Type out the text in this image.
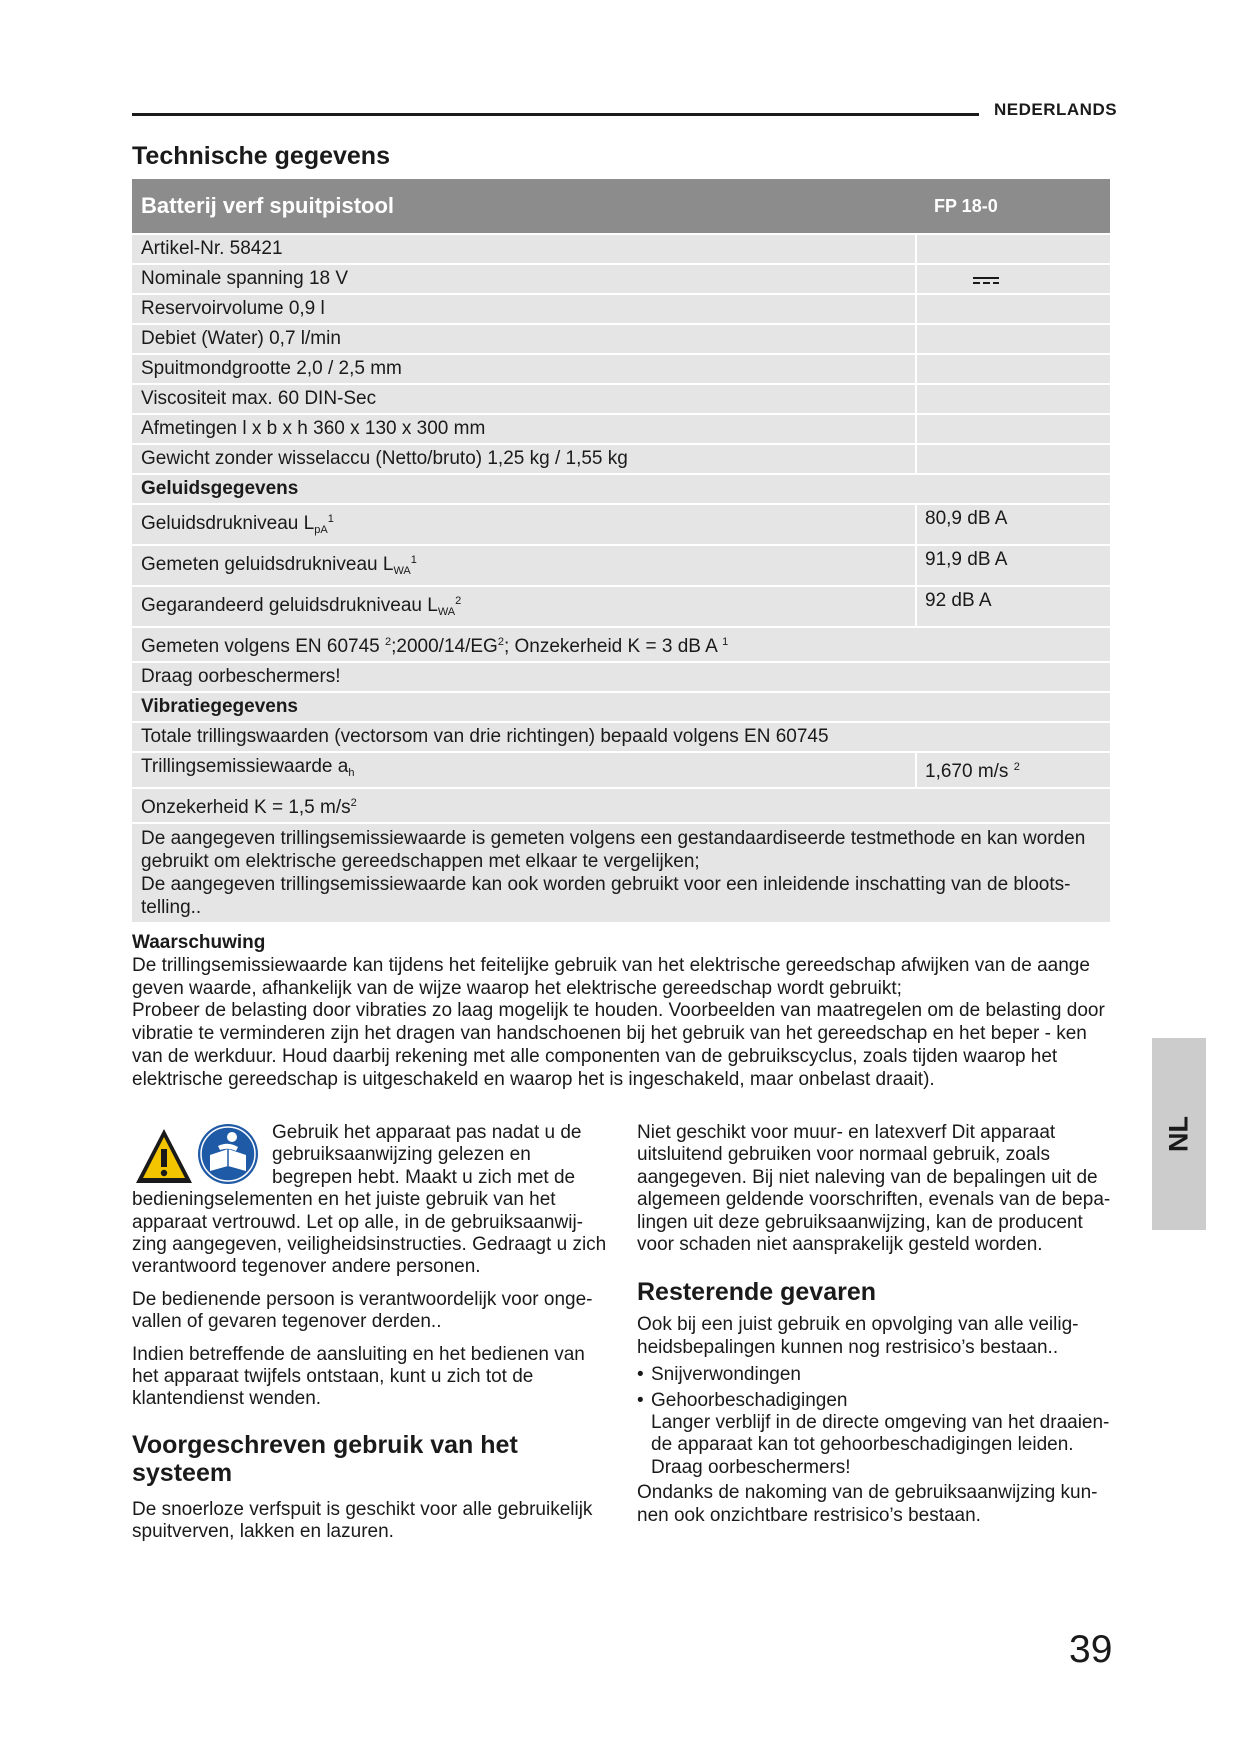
NEDERLANDS
Technische gegevens
Batterij verf spuitpistool	FP 18-0
Artikel-Nr. 58421
Nominale spanning 18 V
Reservoirvolume 0,9 l
Debiet (Water) 0,7 l/min
Spuitmondgrootte 2,0 / 2,5 mm
Viscositeit max. 60 DIN-Sec
Afmetingen l x b x h 360 x 130 x 300 mm
Gewicht zonder wisselaccu (Netto/bruto) 1,25 kg / 1,55 kg
Geluidsgegevens
Geluidsdrukniveau $L_{pA}^1$	80,9 dB A
Gemeten geluidsdrukniveau $L_{WA}^1$	91,9 dB A
Gegarandeerd geluidsdrukniveau $L_{WA}^2$	92 dB A
Gemeten volgens EN 60745 $^2;2000/14/EG^2$; Onzekerheid K = 3 dB A $^1$
Draag oorbeschermers!
Vibratiegegevens
Totale trillingswaarden (vectorsom van drie richtingen) bepaald volgens EN 60745
Trillingsemissiewaarde $a_h$	1,670 m/s $^2$
Onzekerheid K = 1,5 $m/s^2$
De aangegeven trillingsemissiewaarde is gemeten volgens een gestandaardiseerde testmethode en kan worden gebruikt om elektrische gereedschappen met elkaar te vergelijken;
De aangegeven trillingsemissiewaarde kan ook worden gebruikt voor een inleidende inschatting van de bloots- telling..
Waarschuwing
De trillingsemissiewaarde kan tijdens het feitelijke gebruik van het elektrische gereedschap afwijken van de aange geven waarde, afhankelijk van de wijze waarop het elektrische gereedschap wordt gebruikt;
Probeer de belasting door vibraties zo laag mogelijk te houden. Voorbeelden van maatregelen om de belasting door vibratie te verminderen zijn het dragen van handschoenen bij het gebruik van het gereedschap en het beper - ken van de werkduur. Houd daarbij rekening met alle componenten van de gebruikscyclus, zoals tijden waarop het elektrische gereedschap is uitgeschakeld en waarop het is ingeschakeld, maar onbelast draait).

Gebruik het apparaat pas nadat u de gebruiksaanwijzing gelezen en begrepen hebt. Maakt u zich met de bedieningselementen en het juiste gebruik van het apparaat vertrouwd. Let op alle, in de gebruiksaanwij- zing aangegeven, veiligheidsinstructies. Gedraagt u zich verantwoord tegenover andere personen.

De bedienende persoon is verantwoordelijk voor onge- vallen of gevaren tegenover derden..

Indien betreffende de aansluiting en het bedienen van het apparaat twijfels ontstaan, kunt u zich tot de klantendienst wenden.

Voorgeschreven gebruik van het systeem

De snoerloze verfspuit is geschikt voor alle gebruikelijk spuitverven, lakken en lazuren.

Niet geschikt voor muur- en latexverf Dit apparaat uitsluitend gebruiken voor normaal gebruik, zoals aangegeven. Bij niet naleving van de bepalingen uit de algemeen geldende voorschriften, evenals van de bepa- lingen uit deze gebruiksaanwijzing, kan de producent voor schaden niet aansprakelijk gesteld worden.

Resterende gevaren

Ook bij een juist gebruik en opvolging van alle veilig- heidsbepalingen kunnen nog restrisico’s bestaan..

• Snijverwondingen
• Gehoorbeschadigingen
Langer verblijf in de directe omgeving van het draaien- de apparaat kan tot gehoorbeschadigingen leiden. Draag oorbeschermers!

Ondanks de nakoming van de gebruiksaanwijzing kun- nen ook onzichtbare restrisico’s bestaan.

NL
39
